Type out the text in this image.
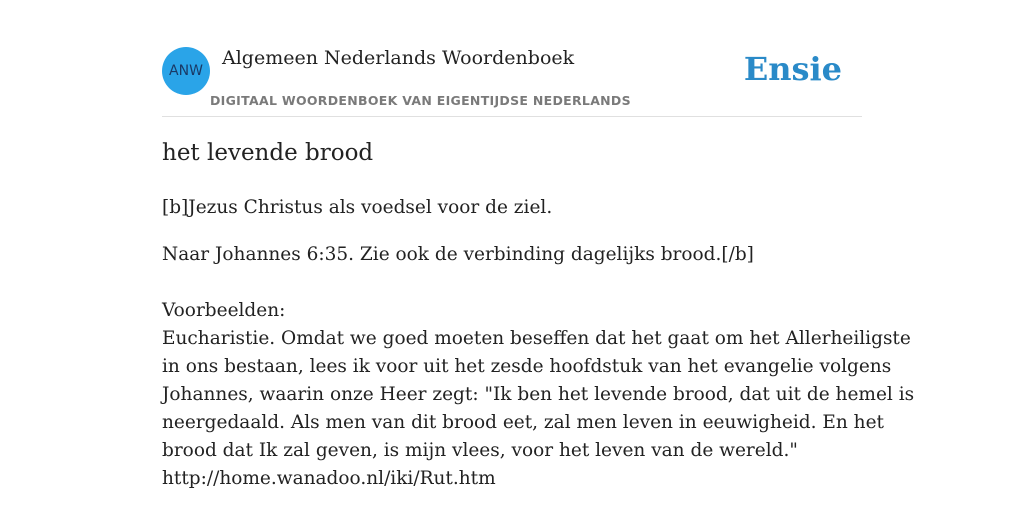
ANW
Algemeen Nederlands Woordenboek
DIGITAAL WOORDENBOEK VAN EIGENTIJDSE NEDERLANDS
Ensie
het levende brood

[b]Jezus Christus als voedsel voor de ziel.

Naar Johannes 6:35. Zie ook de verbinding dagelijks brood.[/b]

Voorbeelden:

Eucharistie. Omdat we goed moeten beseffen dat het gaat om het Allerheiligste

in ons bestaan, lees ik voor uit het zesde hoofdstuk van het evangelie volgens

Johannes, waarin onze Heer zegt: "Ik ben het levende brood, dat uit de hemel is

neergedaald. Als men van dit brood eet, zal men leven in eeuwigheid. En het

brood dat Ik zal geven, is mijn vlees, voor het leven van de wereld."

http://home.wanadoo.nl/iki/Rut.htm
